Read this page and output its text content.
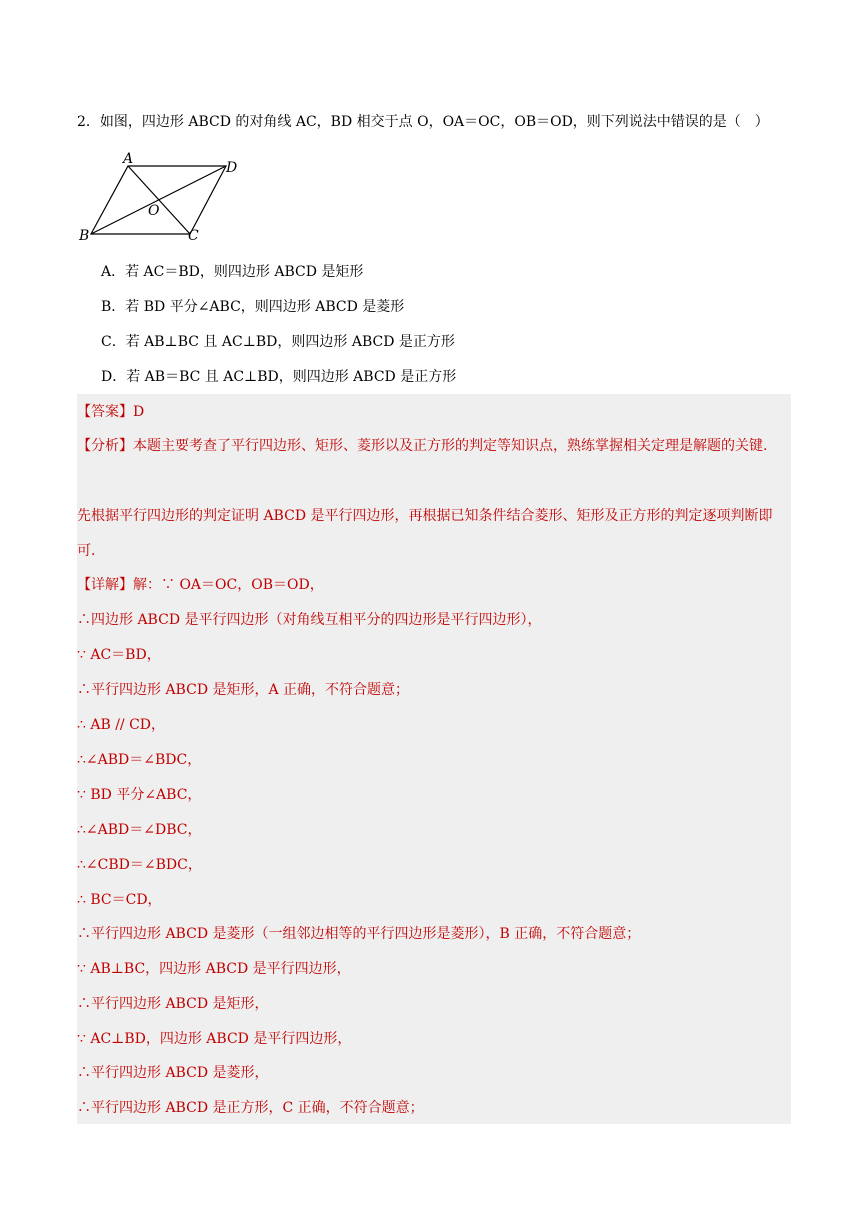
2．如图，四边形 ABCD 的对角线 AC，BD 相交于点 O，OA＝OC，OB＝OD，则下列说法中错误的是（　）
A
D
O
B	C
A．若 AC＝BD，则四边形 ABCD 是矩形
B．若 BD 平分∠ABC，则四边形 ABCD 是菱形
C．若 AB⊥BC 且 AC⊥BD，则四边形 ABCD 是正方形
D．若 AB＝BC 且 AC⊥BD，则四边形 ABCD 是正方形
【答案】D
【分析】本题主要考查了平行四边形、矩形、菱形以及正方形的判定等知识点，熟练掌握相关定理是解题的关键.
先根据平行四边形的判定证明 ABCD 是平行四边形，再根据已知条件结合菱形、矩形及正方形的判定逐项判断即可.
【详解】解：∵ OA＝OC，OB＝OD，
∴四边形 ABCD 是平行四边形（对角线互相平分的四边形是平行四边形），
∵ AC＝BD，
∴平行四边形 ABCD 是矩形，A 正确，不符合题意；
∴ AB // CD，
∴∠ABD＝∠BDC，
∵ BD 平分∠ABC，
∴∠ABD＝∠DBC，
∴∠CBD＝∠BDC，
∴ BC＝CD，
∴平行四边形 ABCD 是菱形（一组邻边相等的平行四边形是菱形），B 正确，不符合题意；
∵ AB⊥BC，四边形 ABCD 是平行四边形，
∴平行四边形 ABCD 是矩形，
∵ AC⊥BD，四边形 ABCD 是平行四边形，
∴平行四边形 ABCD 是菱形，
∴平行四边形 ABCD 是正方形，C 正确，不符合题意；
